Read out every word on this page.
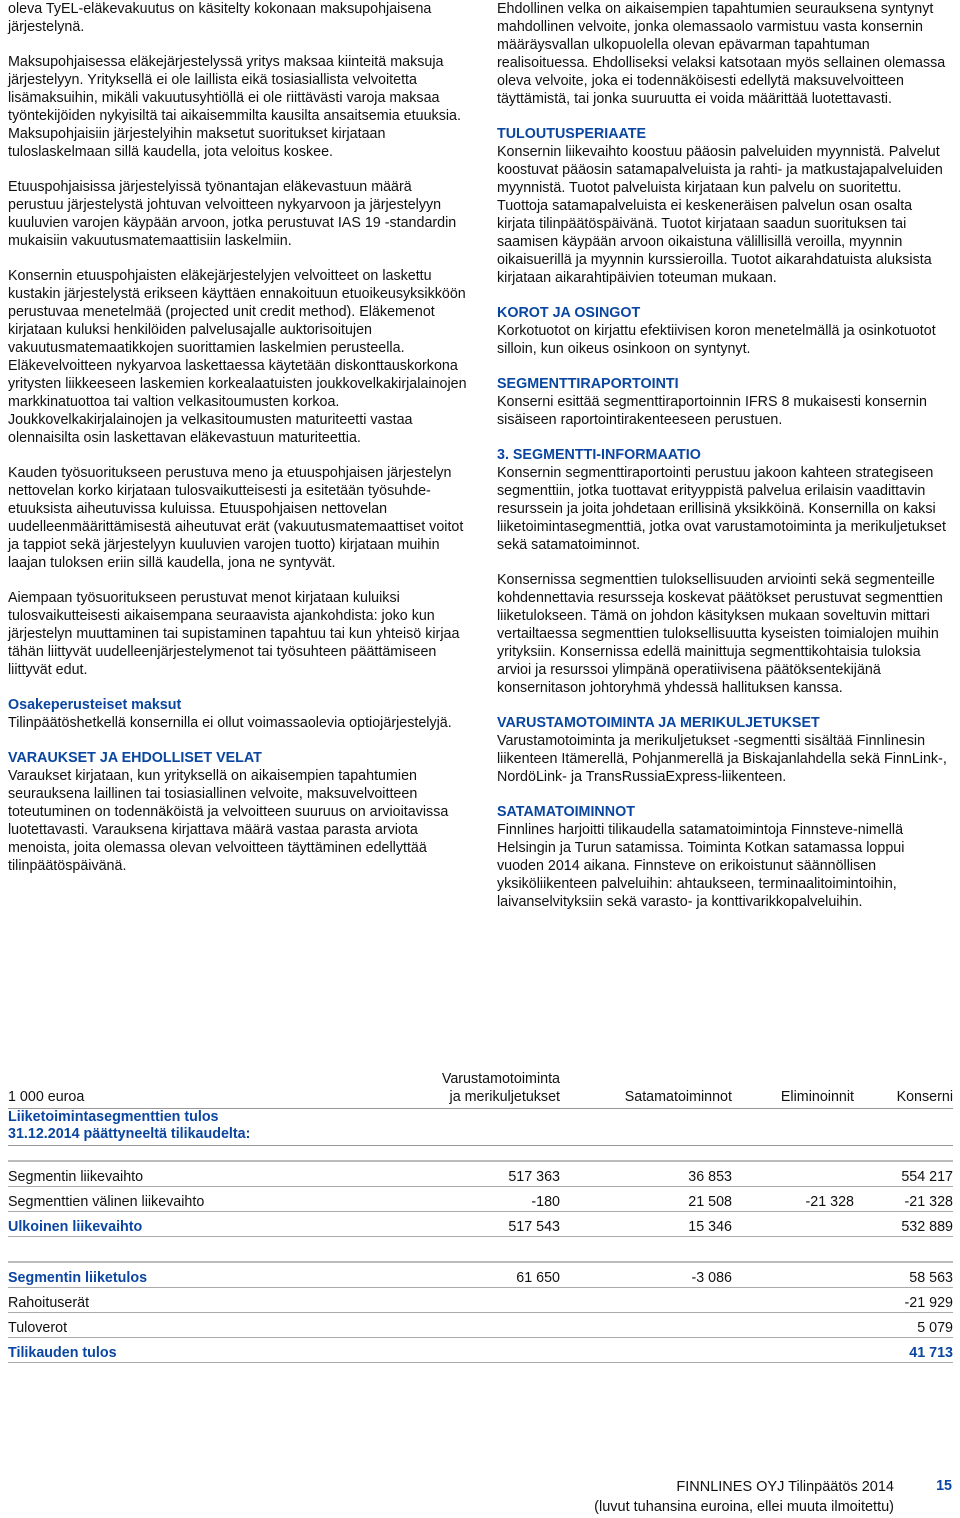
oleva TyEL-eläkevakuutus on käsitelty kokonaan maksupohjaisena järjestelynä.

Maksupohjaisessa eläkejärjestelyssä yritys maksaa kiinteitä maksuja järjestelyyn. Yrityksellä ei ole laillista eikä tosiasiallista velvoitetta lisämaksuihin, mikäli vakuutusyhtiöllä ei ole riittävästi varoja maksaa työntekijöiden nykyisiltä tai aikaisemmilta kausilta ansaitsemia etuuksia. Maksupohjaisiin järjestelyihin maksetut suoritukset kirjataan tuloslaskelmaan sillä kaudella, jota veloitus koskee.

Etuuspohjaisissa järjestelyissä työnantajan eläkevastuun määrä perustuu järjestelystä johtuvan velvoitteen nykyarvoon ja järjestelyyn kuuluvien varojen käypään arvoon, jotka perustuvat IAS 19 -standardin mukaisiin vakuutusmatemaattisiin laskelmiin.

Konsernin etuuspohjaisten eläkejärjestelyjen velvoitteet on laskettu kustakin järjestelystä erikseen käyttäen ennakoituun etuoikeusyksikköön perustuvaa menetelmää (projected unit credit method). Eläkemenot kirjataan kuluksi henkilöiden palvelusajalle auktorisoitujen vakuutusmatemaatikkojen suorittamien laskelmien perusteella. Eläkevelvoitteen nykyarvoa laskettaessa käytetään diskonttauskorkona yritysten liikkeeseen laskemien korkealaatuisten joukkovelkakirjalainojen markkinatuottoa tai valtion velkasitoumusten korkoa. Joukkovelkakirjalainojen ja velkasitoumusten maturiteetti vastaa olennaisilta osin laskettavan eläkevastuun maturiteettia.

Kauden työsuoritukseen perustuva meno ja etuuspohjaisen järjestelyn nettovelan korko kirjataan tulosvaikutteisesti ja esitetään työsuhde-etuuksista aiheutuvissa kuluissa. Etuuspohjaisen nettovelan uudelleenmäärittämisestä aiheutuvat erät (vakuutusmatemaattiset voitot ja tappiot sekä järjestelyyn kuuluvien varojen tuotto) kirjataan muihin laajan tuloksen eriin sillä kaudella, jona ne syntyvät.

Aiempaan työsuoritukseen perustuvat menot kirjataan kuluiksi tulosvaikutteisesti aikaisempana seuraavista ajankohdista: joko kun järjestelyn muuttaminen tai supistaminen tapahtuu tai kun yhteisö kirjaa tähän liittyvät uudelleenjärjestelymenot tai työsuhteen päättämiseen liittyvät edut.

Osakeperusteiset maksut
Tilinpäätöshetkellä konsernilla ei ollut voimassaolevia optiojärjestelyjä.
VARAUKSET JA EHDOLLISET VELAT
Varaukset kirjataan, kun yrityksellä on aikaisempien tapahtumien seurauksena laillinen tai tosiasiallinen velvoite, maksuvelvoitteen toteutuminen on todennäköistä ja velvoitteen suuruus on arvioitavissa luotettavasti. Varauksena kirjattava määrä vastaa parasta arviota menoista, joita olemassa olevan velvoitteen täyttäminen edellyttää tilinpäätöspäivänä.

Ehdollinen velka on aikaisempien tapahtumien seurauksena syntynyt mahdollinen velvoite, jonka olemassaolo varmistuu vasta konsernin määräysvallan ulkopuolella olevan epävarman tapahtuman realisoituessa. Ehdolliseksi velaksi katsotaan myös sellainen olemassa oleva velvoite, joka ei todennäköisesti edellytä maksuvelvoitteen täyttämistä, tai jonka suuruutta ei voida määrittää luotettavasti.

TULOUTUSPERIAATE
Konsernin liikevaihto koostuu pääosin palveluiden myynnistä. Palvelut koostuvat pääosin satamapalveluista ja rahti- ja matkustajapalveluiden myynnistä. Tuotot palveluista kirjataan kun palvelu on suoritettu. Tuottoja satamapalveluista ei keskeneräisen palvelun osan osalta kirjata tilinpäätöspäivänä. Tuotot kirjataan saadun suorituksen tai saamisen käypään arvoon oikaistuna välillisillä veroilla, myynnin oikaisuerillä ja myynnin kurssieroilla. Tuotot aikarahdatuista aluksista kirjataan aikarahtipäivien toteuman mukaan.
KOROT JA OSINGOT
Korkotuotot on kirjattu efektiivisen koron menetelmällä ja osinkotuotot silloin, kun oikeus osinkoon on syntynyt.
SEGMENTTIRAPORTOINTI
Konserni esittää segmenttiraportoinnin IFRS 8 mukaisesti konsernin sisäiseen raportointirakenteeseen perustuen.
3. SEGMENTTI-INFORMAATIO
Konsernin segmenttiraportointi perustuu jakoon kahteen strategiseen segmenttiin, jotka tuottavat erityyppistä palvelua erilaisin vaadittavin resurssein ja joita johdetaan erillisinä yksikköinä. Konsernilla on kaksi liiketoimintasegmenttiä, jotka ovat varustamotoiminta ja merikuljetukset sekä satamatoiminnot.

Konsernissa segmenttien tuloksellisuuden arviointi sekä segmenteille kohdennettavia resursseja koskevat päätökset perustuvat segmenttien liiketulokseen. Tämä on johdon käsityksen mukaan soveltuvin mittari vertailtaessa segmenttien tuloksellisuutta kyseisten toimialojen muihin yrityksiin. Konsernissa edellä mainittuja segmenttikohtaisia tuloksia arvioi ja resurssoi ylimpänä operatiivisena päätöksentekijänä konsernitason johtoryhmä yhdessä hallituksen kanssa.

VARUSTAMOTOIMINTA JA MERIKULJETUKSET
Varustamotoiminta ja merikuljetukset -segmentti sisältää Finnlinesin liikenteen Itämerellä, Pohjanmerellä ja Biskajanlahdella sekä FinnLink-, NordöLink- ja TransRussiaExpress-liikenteen.
SATAMATOIMINNOT
Finnlines harjoitti tilikaudella satamatoimintoja Finnsteve-nimellä Helsingin ja Turun satamissa. Toiminta Kotkan satamassa loppui vuoden 2014 aikana. Finnsteve on erikoistunut säännöllisen yksiköliikenteen palveluihin: ahtaukseen, terminaalitoimintoihin, laivanselvityksiin sekä varasto- ja konttivarikkopalveluihin.
1 000 euroa	Varustamotoiminta
ja merikuljetukset	Satamatoiminnot	Eliminoinnit	Konserni
Liiketoimintasegmenttien tulos
31.12.2014 päättyneeltä tilikaudelta:				

Segmentin liikevaihto	517 363	36 853		554 217
Segmenttien välinen liikevaihto	-180	21 508	-21 328	-21 328
Ulkoinen liikevaihto	517 543	15 346		532 889

Segmentin liiketulos	61 650	-3 086		58 563
Rahoituserät				-21 929
Tuloverot				5 079
Tilikauden tulos				41 713
FINNLINES OYJ Tilinpäätös 2014
(luvut tuhansina euroina, ellei muuta ilmoitettu)
15
